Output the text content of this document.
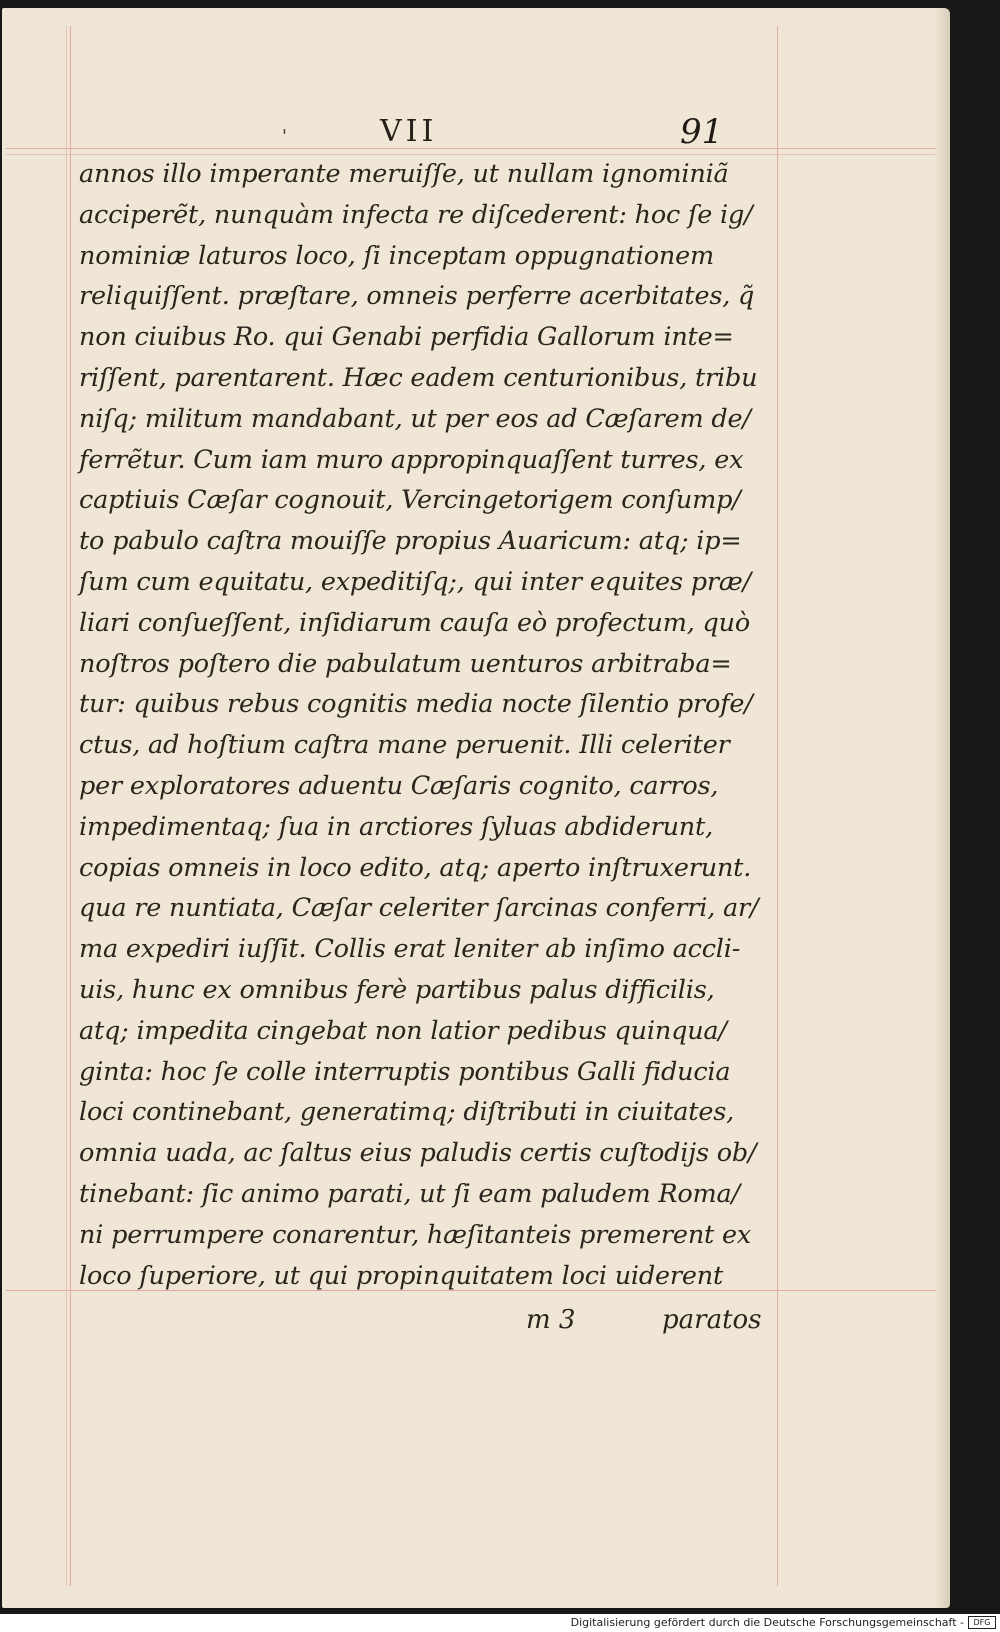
'	VII	91
annos illo imperante meruiſſe, ut nullam ignominiã
acciperẽt, nunquàm infecta re diſcederent: hoc ſe ig/
nominiæ laturos loco, ſi inceptam oppugnationem
reliquiſſent. præſtare, omneis perferre acerbitates, q̃
non ciuibus Ro. qui Genabi perfidia Gallorum inte=
riſſent, parentarent. Hæc eadem centurionibus, tribu
niſq; militum mandabant, ut per eos ad Cæſarem de/
ferrẽtur. Cum iam muro appropinquaſſent turres, ex
captiuis Cæſar cognouit, Vercingetorigem conſump/
to pabulo caſtra mouiſſe propius Auaricum: atq; ip=
ſum cum equitatu, expeditiſq;, qui inter equites præ/
liari conſueſſent, inſidiarum cauſa eò profectum, quò
noſtros poſtero die pabulatum uenturos arbitraba=
tur: quibus rebus cognitis media nocte ſilentio profe/
ctus, ad hoſtium caſtra mane peruenit. Illi celeriter
per exploratores aduentu Cæſaris cognito, carros,
impedimentaq; ſua in arctiores ſyluas abdiderunt,
copias omneis in loco edito, atq; aperto inſtruxerunt.
qua re nuntiata, Cæſar celeriter ſarcinas conferri, ar/
ma expediri iuſſit. Collis erat leniter ab inſimo accli-
uis, hunc ex omnibus ferè partibus palus difficilis,
atq; impedita cingebat non latior pedibus quinqua/
ginta: hoc ſe colle interruptis pontibus Galli fiducia
loci continebant, generatimq; diſtributi in ciuitates,
omnia uada, ac ſaltus eius paludis certis cuſtodijs ob/
tinebant: ſic animo parati, ut ſi eam paludem Roma/
ni perrumpere conarentur, hæſitanteis premerent ex
loco ſuperiore, ut qui propinquitatem loci uiderent
m 3	paratos
Digitalisierung gefördert durch die Deutsche Forschungsgemeinschaft -	DFG
